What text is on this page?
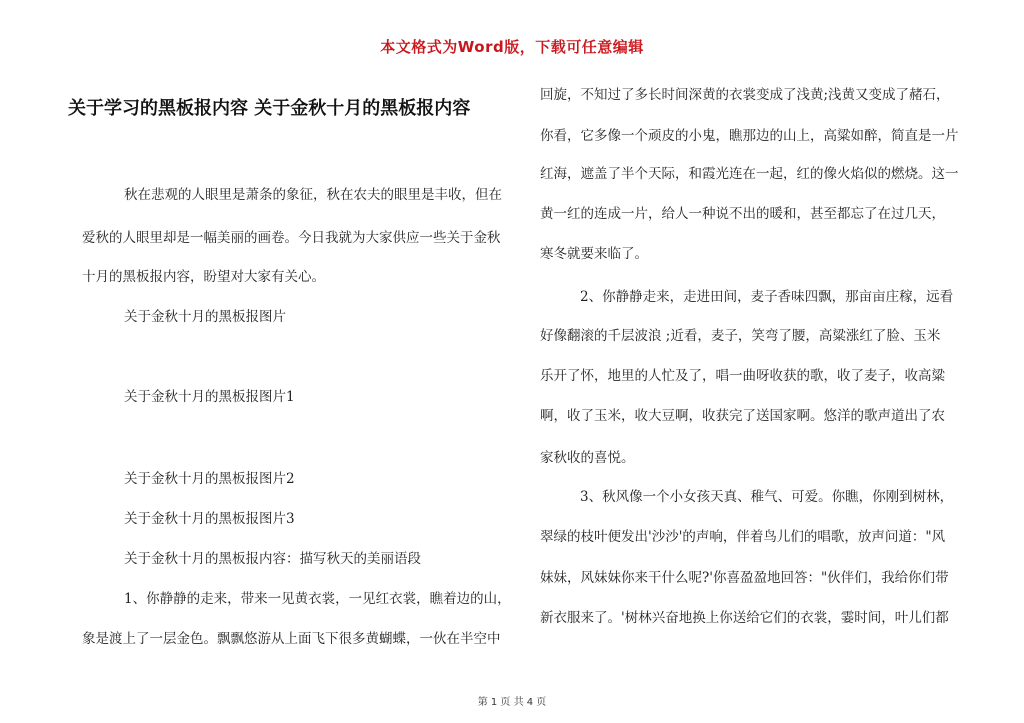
本文格式为Word版，下载可任意编辑
关于学习的黑板报内容 关于金秋十月的黑板报内容
秋在悲观的人眼里是萧条的象征，秋在农夫的眼里是丰收，但在
爱秋的人眼里却是一幅美丽的画卷。今日我就为大家供应一些关于金秋
十月的黑板报内容，盼望对大家有关心。
关于金秋十月的黑板报图片
关于金秋十月的黑板报图片1
关于金秋十月的黑板报图片2
关于金秋十月的黑板报图片3
关于金秋十月的黑板报内容：描写秋天的美丽语段
1、你静静的走来，带来一见黄衣裳，一见红衣裳，瞧着边的山，
象是渡上了一层金色。飘飘悠游从上面飞下很多黄蝴蝶，一伙在半空中
回旋，不知过了多长时间深黄的衣裳变成了浅黄;浅黄又变成了赭石，
你看，它多像一个顽皮的小鬼，瞧那边的山上，高粱如醉，简直是一片
红海，遮盖了半个天际，和霞光连在一起，红的像火焰似的燃烧。这一
黄一红的连成一片，给人一种说不出的暖和，甚至都忘了在过几天，
寒冬就要来临了。
2、你静静走来，走进田间，麦子香味四飘，那亩亩庄稼，远看
好像翻滚的千层波浪 ;近看，麦子，笑弯了腰，高粱涨红了脸、玉米
乐开了怀，地里的人忙及了，唱一曲呀收获的歌，收了麦子，收高粱
啊，收了玉米，收大豆啊，收获完了送国家啊。悠洋的歌声道出了农
家秋收的喜悦。
3、秋风像一个小女孩天真、稚气、可爱。你瞧，你刚到树林，
翠绿的枝叶便发出'沙沙'的声响，伴着鸟儿们的唱歌，放声问道："风
妹妹，风妹妹你来干什么呢?'你喜盈盈地回答："伙伴们，我给你们带
新衣服来了。'树林兴奋地换上你送给它们的衣裳，霎时间，叶儿们都
第 1 页 共 4 页
